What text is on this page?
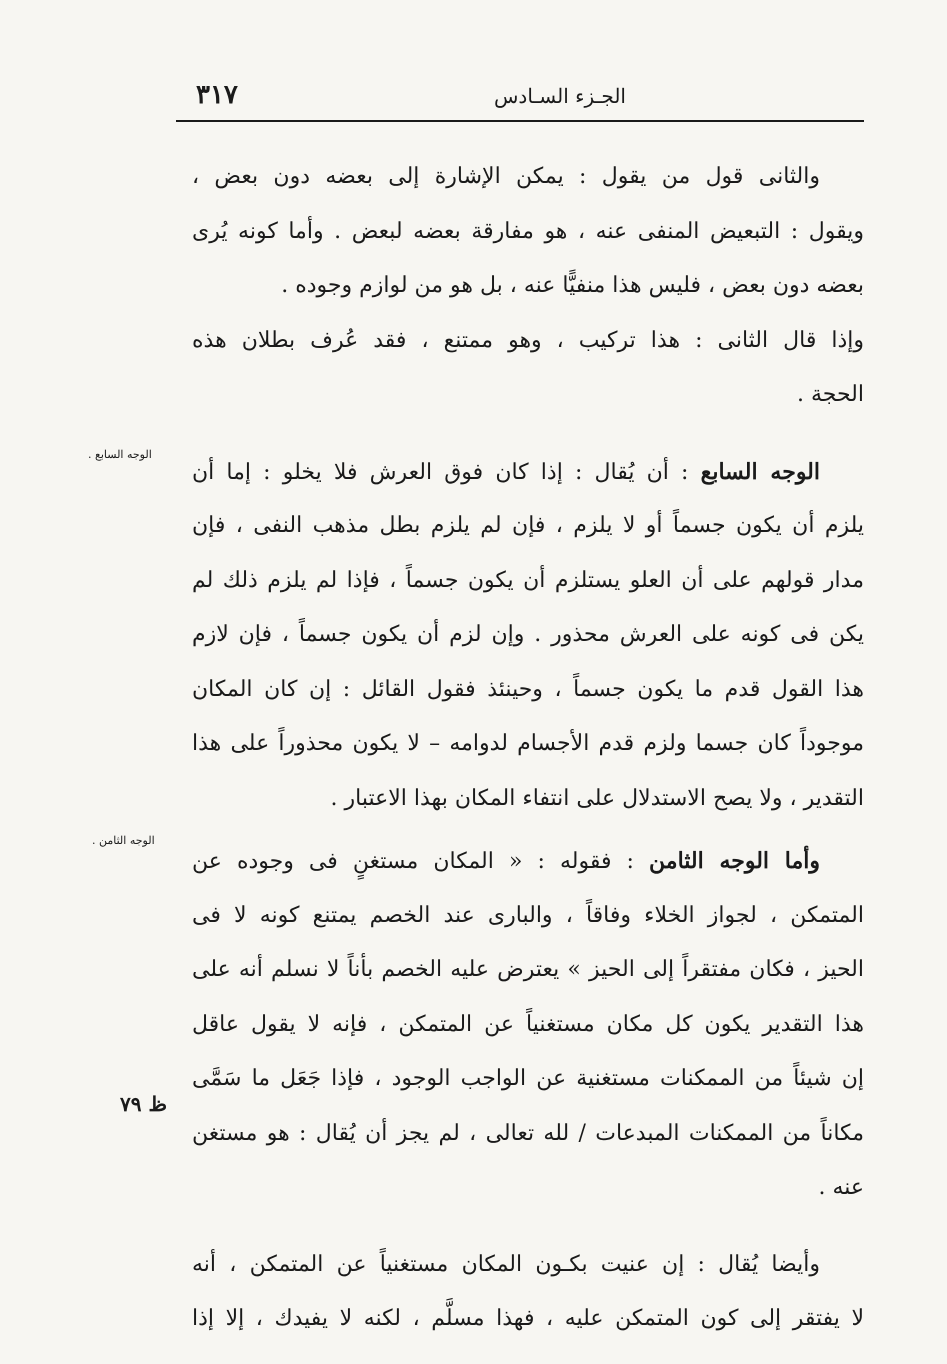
٣١٧	الجـزء السـادس
والثانى قول من يقول : يمكن الإشارة إلى بعضه دون بعض ،
ويقول : التبعيض المنفى عنه ، هو مفارقة بعضه لبعض . وأما كونه يُرى
بعضه دون بعض ، فليس هذا منفيًّا عنه ، بل هو من لوازم وجوده .
وإذا قال الثانى : هذا تركيب ، وهو ممتنع ، فقد عُرف بطلان هذه
الحجة .
الوجه السابع : أن يُقال : إذا كان فوق العرش فلا يخلو : إما أن
يلزم أن يكون جسماً أو لا يلزم ، فإن لم يلزم بطل مذهب النفى ، فإن
مدار قولهم على أن العلو يستلزم أن يكون جسماً ، فإذا لم يلزم ذلك لم
يكن فى كونه على العرش محذور . وإن لزم أن يكون جسماً ، فإن لازم
هذا القول قدم ما يكون جسماً ، وحينئذ فقول القائل : إن كان المكان
موجوداً كان جسما ولزم قدم الأجسام لدوامه – لا يكون محذوراً على هذا
التقدير ، ولا يصح الاستدلال على انتفاء المكان بهذا الاعتبار .
وأما الوجه الثامن : فقوله : « المكان مستغنٍ فى وجوده عن
المتمكن ، لجواز الخلاء وفاقاً ، والبارى عند الخصم يمتنع كونه لا فى
الحيز ، فكان مفتقراً إلى الحيز » يعترض عليه الخصم بأناً لا نسلم أنه على
هذا التقدير يكون كل مكان مستغنياً عن المتمكن ، فإنه لا يقول عاقل
إن شيئاً من الممكنات مستغنية عن الواجب الوجود ، فإذا جَعَل ما سَمَّى
مكاناً من الممكنات المبدعات / لله تعالى ، لم يجز أن يُقال : هو مستغن
عنه .
وأيضا يُقال : إن عنيت بكـون المكان مستغنياً عن المتمكن ، أنه
لا يفتقر إلى كون المتمكن عليه ، فهذا مسلَّم ، لكنه لا يفيدك ، إلا إذا
الوجه السابع .
الوجه الثامن .
ظ ٧٩
